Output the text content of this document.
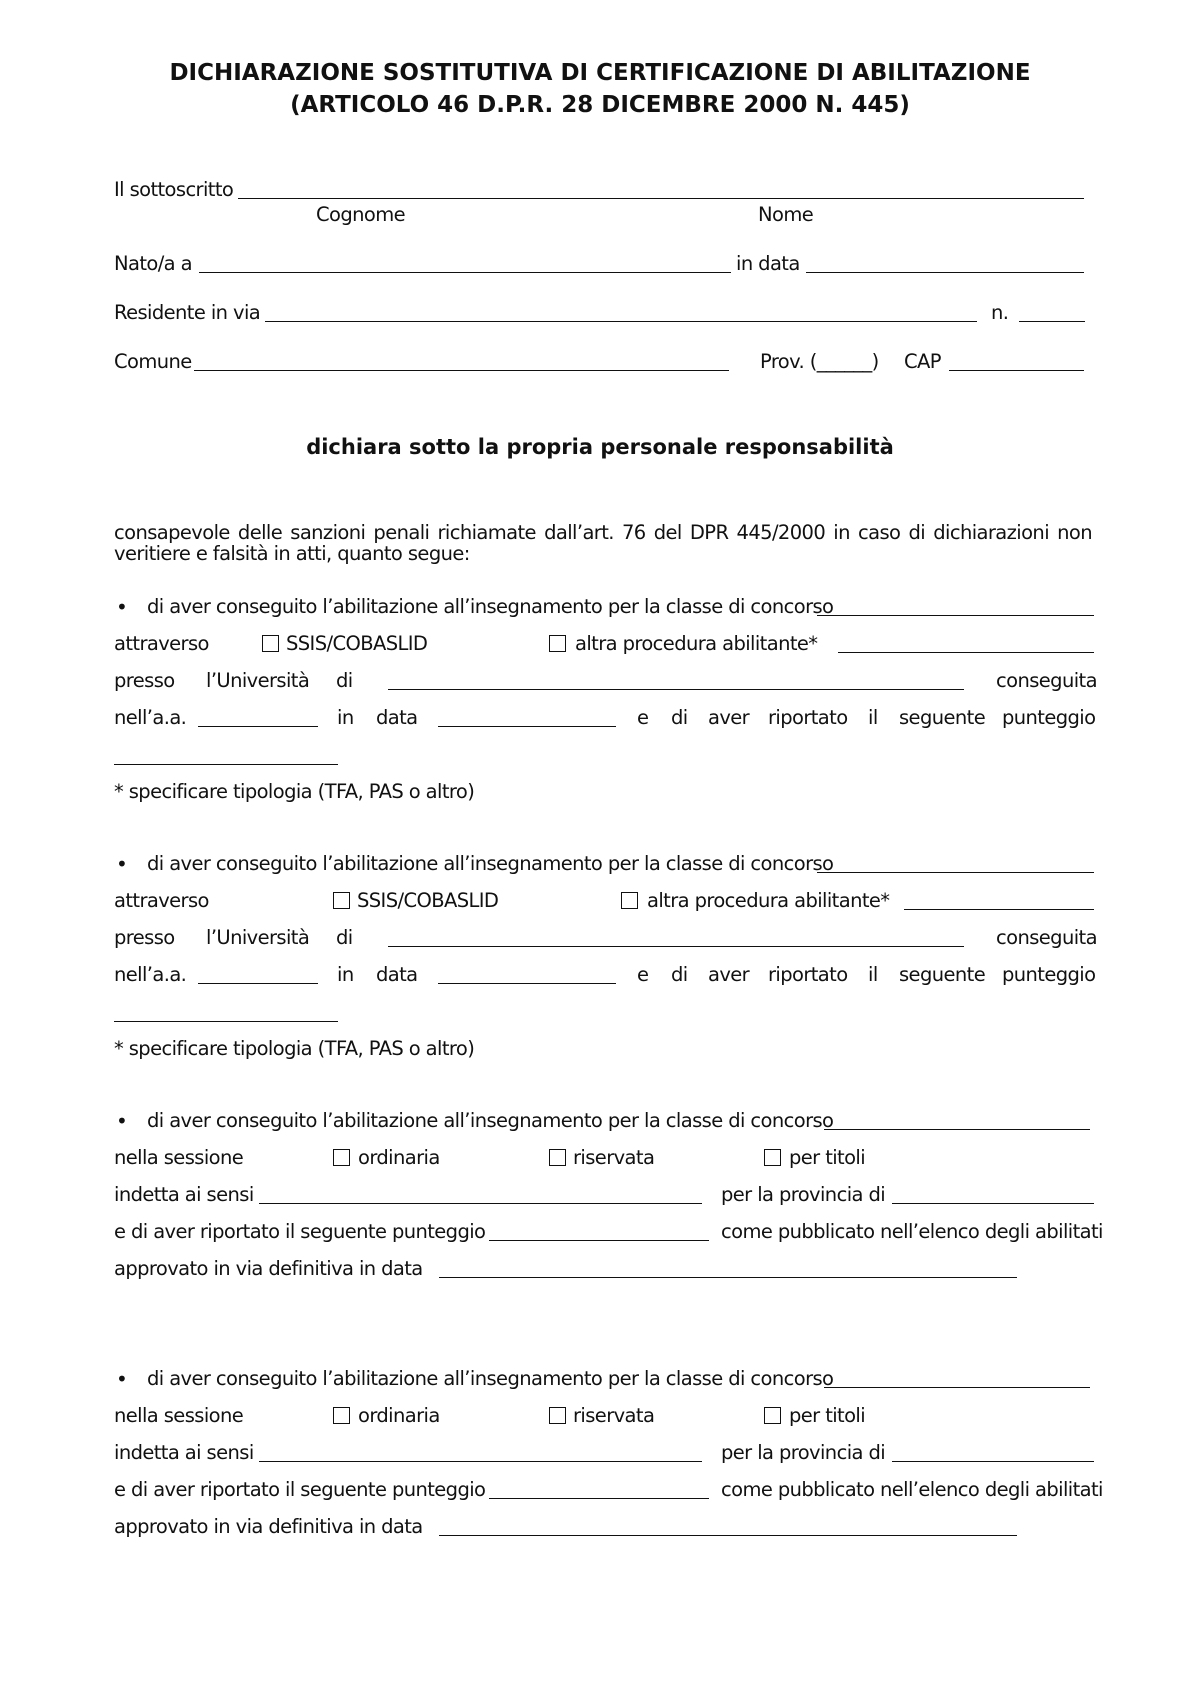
DICHIARAZIONE SOSTITUTIVA DI CERTIFICAZIONE DI ABILITAZIONE
(ARTICOLO 46 D.P.R. 28 DICEMBRE 2000 N. 445)
Il sottoscritto
Cognome	Nome
Nato/a a	in data
Residente in via	n.
Comune	Prov. (______) CAP
dichiara sotto la propria personale responsabilità
consapevole delle sanzioni penali richiamate dall’art. 76 del DPR 445/2000 in caso di dichiarazioni non veritiere e falsità in atti, quanto segue:
• di aver conseguito l’abilitazione all’insegnamento per la classe di concorso
attraverso	SSIS/COBASLID	altra procedura abilitante*
presso l’Università di	conseguita
nell’a.a.	in data	e di aver riportato il seguente punteggio
* specificare tipologia (TFA, PAS o altro)
• di aver conseguito l’abilitazione all’insegnamento per la classe di concorso
attraverso	SSIS/COBASLID	altra procedura abilitante*
presso l’Università di	conseguita
nell’a.a.	in data	e di aver riportato il seguente punteggio
* specificare tipologia (TFA, PAS o altro)
• di aver conseguito l’abilitazione all’insegnamento per la classe di concorso
nella sessione	ordinaria	riservata	per titoli
indetta ai sensi	per la provincia di
e di aver riportato il seguente punteggio	come pubblicato nell’elenco degli abilitati
approvato in via definitiva in data
• di aver conseguito l’abilitazione all’insegnamento per la classe di concorso
nella sessione	ordinaria	riservata	per titoli
indetta ai sensi	per la provincia di
e di aver riportato il seguente punteggio	come pubblicato nell’elenco degli abilitati
approvato in via definitiva in data
